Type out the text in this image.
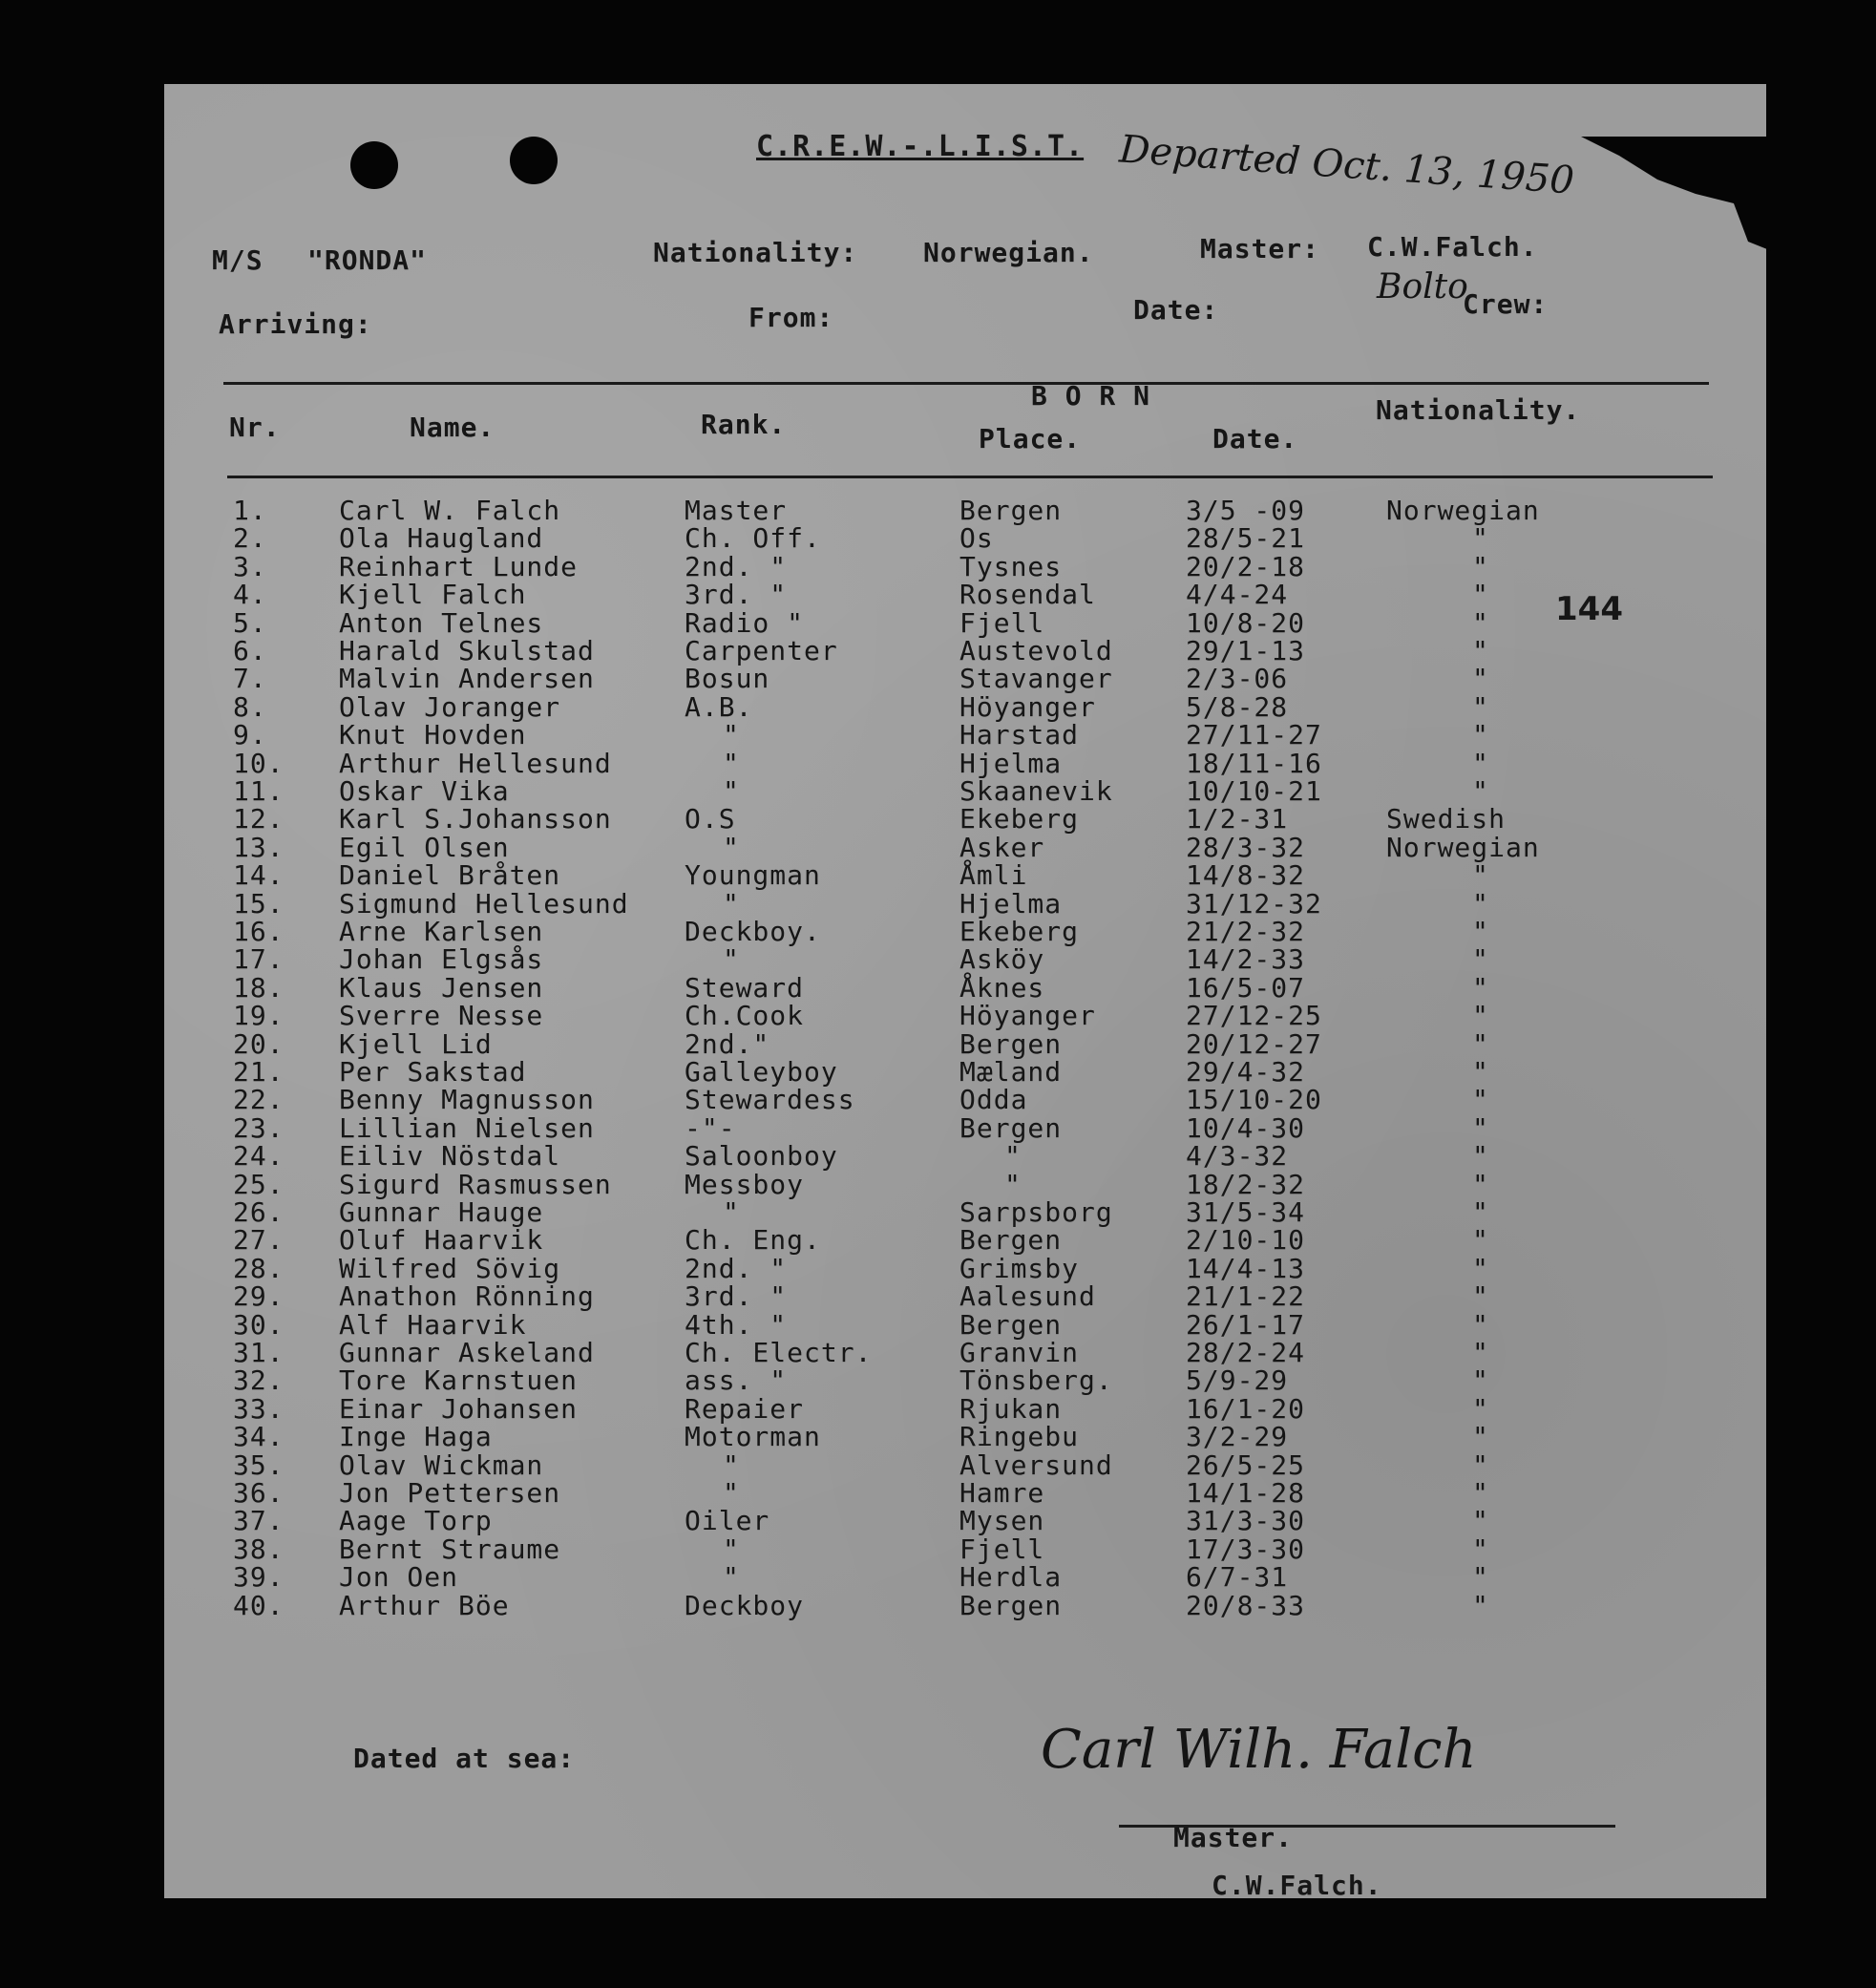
C.R.E.W.-.L.I.S.T. Departed Oct. 13, 1950
M/S "RONDA"	Nationality: Norwegian.	Master: C.W.Falch.
Arriving:	From:	Date:
Bolto
Crew:
144
Nr.	Name.	Rank.
B O R N
Place.	Date.
Nationality.
1.	Carl W. Falch	Master	Bergen	3/5 -09	Norwegian
2.	Ola Haugland	Ch. Off.	Os	28/5-21	"
3.	Reinhart Lunde	2nd. "	Tysnes	20/2-18	"
4.	Kjell Falch	3rd. "	Rosendal	4/4-24	"
5.	Anton Telnes	Radio "	Fjell	10/8-20	"
6.	Harald Skulstad	Carpenter	Austevold	29/1-13	"
7.	Malvin Andersen	Bosun	Stavanger	2/3-06	"
8.	Olav Joranger	A.B.	Höyanger	5/8-28	"
9.	Knut Hovden	"	Harstad	27/11-27	"
10. Arthur Hellesund	"	Hjelma	18/11-16	"
11. Oskar Vika	"	Skaanevik	10/10-21	"
12. Karl S.Johansson	O.S	Ekeberg	1/2-31	Swedish
13. Egil Olsen	"	Asker	28/3-32	Norwegian
14. Daniel Bråten	Youngman	Åmli	14/8-32	"
15. Sigmund Hellesund	"	Hjelma	31/12-32	"
16. Arne Karlsen	Deckboy.	Ekeberg	21/2-32	"
17. Johan Elgsås	"	Asköy	14/2-33	"
18. Klaus Jensen	Steward	Åknes	16/5-07	"
19. Sverre Nesse	Ch.Cook	Höyanger	27/12-25	"
20. Kjell Lid	2nd."	Bergen	20/12-27	"
21. Per Sakstad	Galleyboy	Mæland	29/4-32	"
22. Benny Magnusson	Stewardess	Odda	15/10-20	"
23. Lillian Nielsen	-"-	Bergen	10/4-30	"
24. Eiliv Nöstdal	Saloonboy	"	4/3-32	"
25. Sigurd Rasmussen	Messboy	"	18/2-32	"
26. Gunnar Hauge	"	Sarpsborg	31/5-34	"
27. Oluf Haarvik	Ch. Eng.	Bergen	2/10-10	"
28. Wilfred Sövig	2nd. "	Grimsby	14/4-13	"
29. Anathon Rönning	3rd. "	Aalesund	21/1-22	"
30. Alf Haarvik	4th. "	Bergen	26/1-17	"
31. Gunnar Askeland	Ch. Electr.	Granvin	28/2-24	"
32. Tore Karnstuen	ass. "	Tönsberg.	5/9-29	"
33. Einar Johansen	Repaier	Rjukan	16/1-20	"
34. Inge Haga	Motorman	Ringebu	3/2-29	"
35. Olav Wickman	"	Alversund	26/5-25	"
36. Jon Pettersen	"	Hamre	14/1-28	"
37. Aage Torp	Oiler	Mysen	31/3-30	"
38. Bernt Straume	"	Fjell	17/3-30	"
39. Jon Oen	"	Herdla	6/7-31	"
40. Arthur Böe	Deckboy	Bergen	20/8-33	"
Dated at sea:	Carl Wilh. Falch
Master.
C.W.Falch.
